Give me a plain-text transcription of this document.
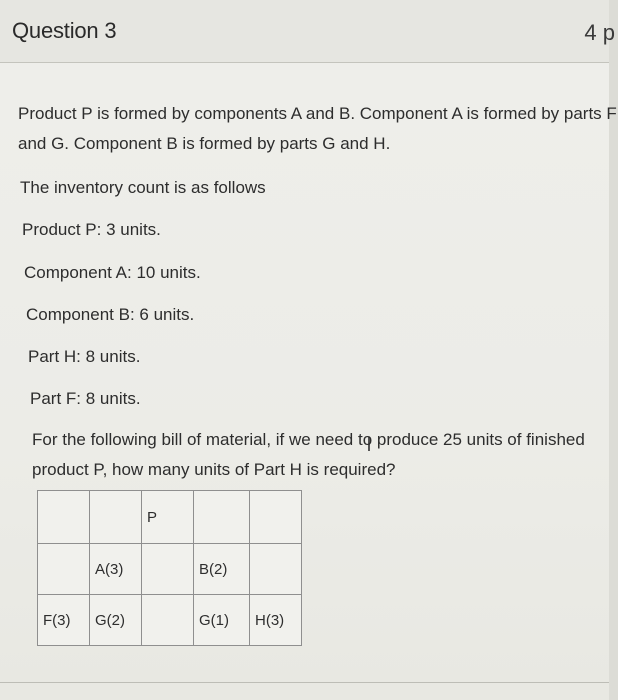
Question 3	4 p

Product P is formed by components A and B. Component A is formed by parts F and G. Component B is formed by parts G and H.

The inventory count is as follows

Product P: 3 units.

Component A: 10 units.

Component B: 6 units.

Part H: 8 units.

Part F: 8 units.

For the following bill of material, if we need to produce 25 units of finished product P, how many units of Part H is required?

		P		
	A(3)		B(2)	
F(3)	G(2)		G(1)	H(3)
